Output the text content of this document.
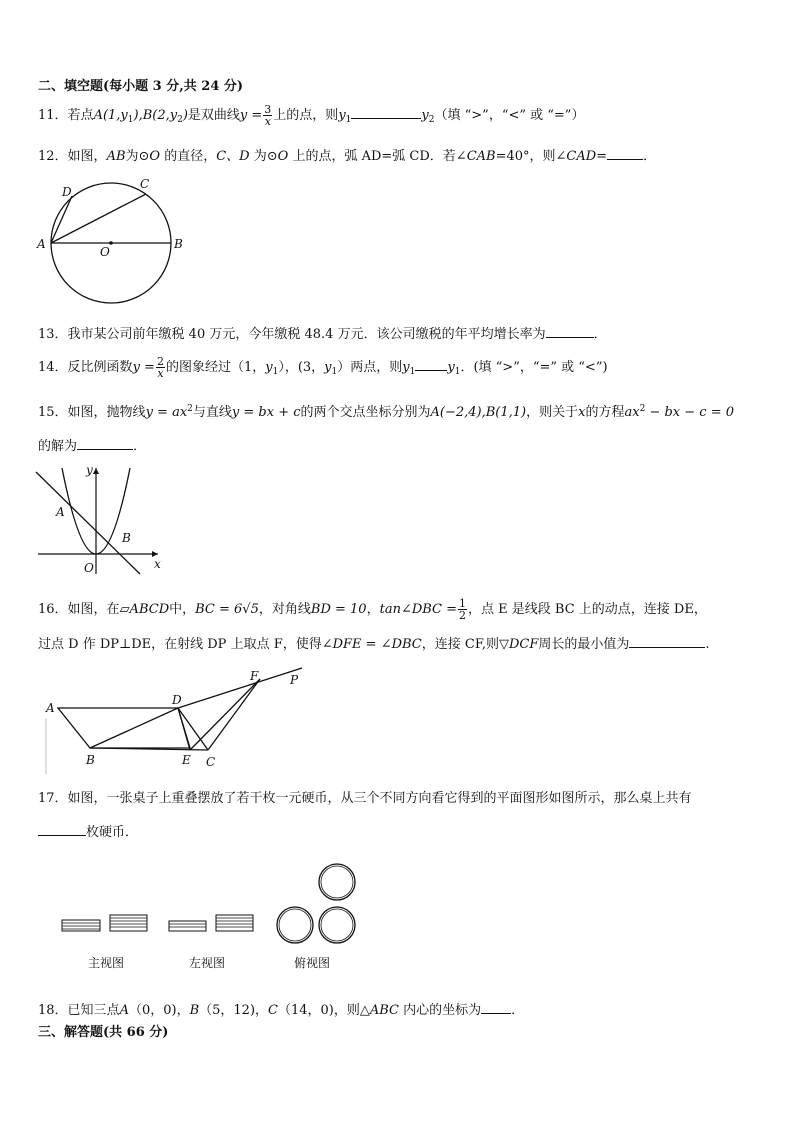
二、填空题(每小题 3 分,共 24 分)
11．若点$A(1,y_1),B(2,y_2)$是双曲线$y = \frac{3}{x}$ 上的点，则$y_1$	$y_2$（填 “>”，“<” 或 “=”）
12．如图，AB为⊙O 的直径，C、D 为⊙O 上的点，弧 AD=弧 CD．若∠CAB=40°，则∠CAD=	．
D
C
A
O
B
13．我市某公司前年缴税 40 万元，今年缴税 48.4 万元．该公司缴税的年平均增长率为	．
14．反比例函数$y = \frac{2}{x}$ 的图象经过（1，$y_1$），(3，$y_1$）两点，则$y_1$ $y_1$．(填 “>”，“=” 或 “<”)
15．如图，抛物线$y = ax^2$与直线y = bx + c的两个交点坐标分别为A(−2,4),B(1,1)，则关于x的方程$ax^2$ − bx − c = 0
的解为	．
y
A
B
O	x
16．如图，在▱ABCD中，BC = 6√5，对角线BD = 10，tan∠DBC = $\frac{1}{2}$ ，点 E 是线段 BC 上的动点，连接 DE，
过点 D 作 DP⊥DE，在射线 DP 上取点 F，使得∠DFE = ∠DBC，连接 CF,则▽DCF周长的最小值为	.
A
D
F	P
B	E C
17．如图，一张桌子上重叠摆放了若干枚一元硬币，从三个不同方向看它得到的平面图形如图所示，那么桌上共有
枚硬币．
主视图	左视图	俯视图
18．已知三点A（0，0)，B（5，12)，C（14，0)，则△ABC 内心的坐标为 ．
三、解答题(共 66 分)
